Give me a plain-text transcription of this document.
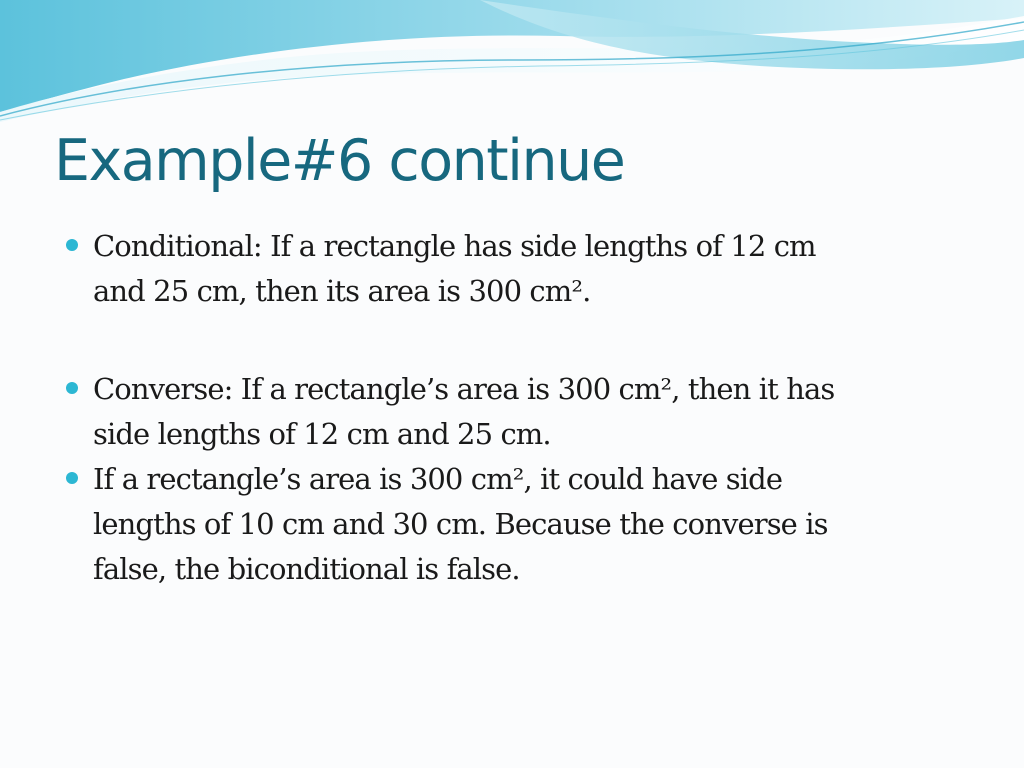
Example#6 continue
Conditional: If a rectangle has side lengths of 12 cm
and 25 cm, then its area is 300 cm².
Converse: If a rectangle’s area is 300 cm², then it has
side lengths of 12 cm and 25 cm.
If a rectangle’s area is 300 cm², it could have side
lengths of 10 cm and 30 cm. Because the converse is
false, the biconditional is false.
